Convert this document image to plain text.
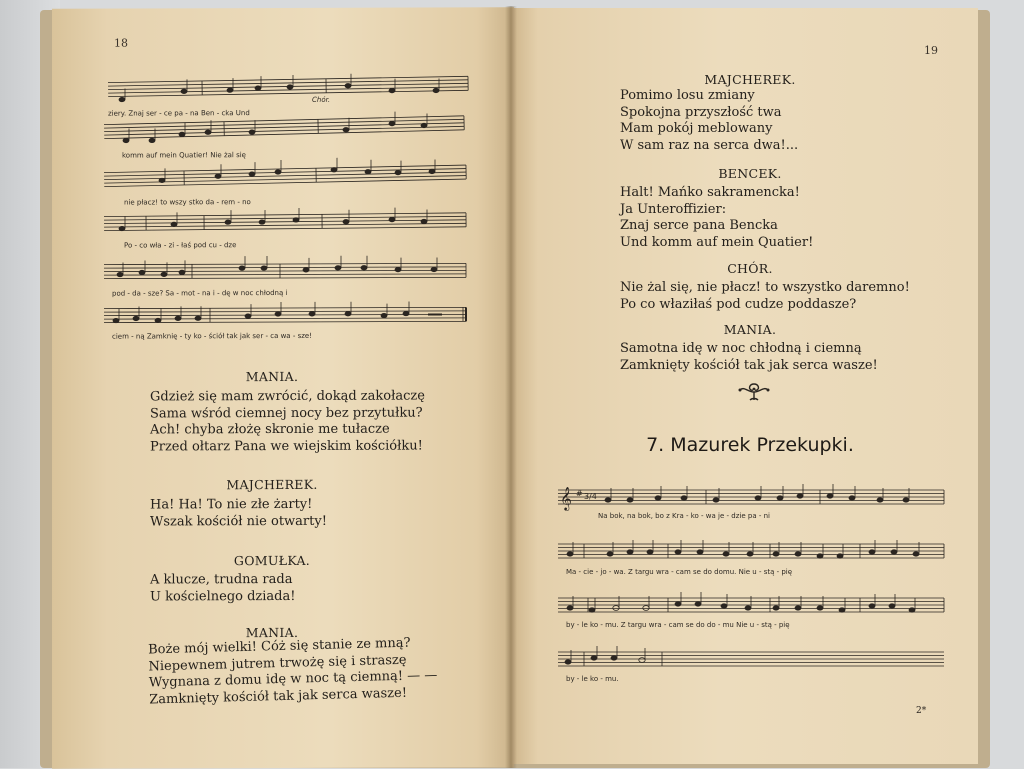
18
ziery. Znaj ser - ce pa - na Ben - cka Und
Chór.
komm auf mein Quatier! Nie żal się
nie płacz! to wszy stko da - rem - no
Po - co wła - zi - łaś pod cu - dze
pod - da - sze? Sa - mot - na i - dę w noc chłodną i
ciem - ną Zamknię - ty ko - ściół tak jak ser - ca wa - sze!
MANIA.
Gdzież się mam zwrócić, dokąd zakołaczę
Sama wśród ciemnej nocy bez przytułku?
Ach! chyba złożę skronie me tułacze
Przed ołtarz Pana we wiejskim kościółku!
MAJCHEREK.
Ha! Ha! To nie złe żarty!
Wszak kościół nie otwarty!
GOMUŁKA.
A klucze, trudna rada
U kościelnego dziada!
MANIA.
Boże mój wielki! Cóż się stanie ze mną?
Niepewnem jutrem trwożę się i straszę
Wygnana z domu idę w noc tą ciemną! — —
Zamknięty kościół tak jak serca wasze!
19
MAJCHEREK.
Pomimo losu zmiany
Spokojna przyszłość twa
Mam pokój meblowany
W sam raz na serca dwa!...
BENCEK.
Halt! Mańko sakramencka!
Ja Unteroffizier:
Znaj serce pana Bencka
Und komm auf mein Quatier!
CHÓR.
Nie żal się, nie płacz! to wszystko daremno!
Po co właziłaś pod cudze poddasze?
MANIA.
Samotna idę w noc chłodną i ciemną
Zamknięty kościół tak jak serca wasze!
7. Mazurek Przekupki.
𝄞 # 3/4
Na bok, na bok, bo z Kra - ko - wa je - dzie pa - ni
Ma - cie - jo - wa. Z targu wra - cam se do domu. Nie u - stą - pię
by - le ko - mu. Z targu wra - cam se do do - mu Nie u - stą - pię
by - le ko - mu.
2*
